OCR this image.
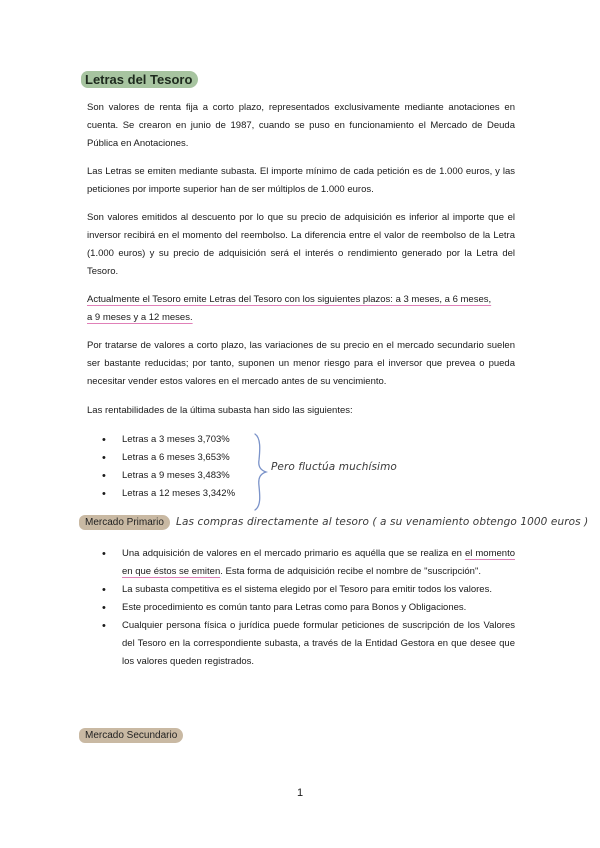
Letras del Tesoro

Son valores de renta fija a corto plazo, representados exclusivamente mediante anotaciones en cuenta. Se crearon en junio de 1987, cuando se puso en funcionamiento el Mercado de Deuda Pública en Anotaciones.

Las Letras se emiten mediante subasta. El importe mínimo de cada petición es de 1.000 euros, y las peticiones por importe superior han de ser múltiplos de 1.000 euros.

Son valores emitidos al descuento por lo que su precio de adquisición es inferior al importe que el inversor recibirá en el momento del reembolso. La diferencia entre el valor de reembolso de la Letra (1.000 euros) y su precio de adquisición será el interés o rendimiento generado por la Letra del Tesoro.

Actualmente el Tesoro emite Letras del Tesoro con los siguientes plazos: a 3 meses, a 6 meses,
a 9 meses y a 12 meses.

Por tratarse de valores a corto plazo, las variaciones de su precio en el mercado secundario suelen ser bastante reducidas; por tanto, suponen un menor riesgo para el inversor que prevea o pueda necesitar vender estos valores en el mercado antes de su vencimiento.

Las rentabilidades de la última subasta han sido las siguientes:

• Letras a 3 meses 3,703%
• Letras a 6 meses 3,653%
• Letras a 9 meses 3,483%
• Letras a 12 meses 3,342%
Pero fluctúa muchísimo
Mercado Primario	Las compras directamente al tesoro ( a su venamiento obtengo 1000 euros )
• Una adquisición de valores en el mercado primario es aquélla que se realiza en el momento en que éstos se emiten. Esta forma de adquisición recibe el nombre de "suscripción".
• La subasta competitiva es el sistema elegido por el Tesoro para emitir todos los valores.
• Este procedimiento es común tanto para Letras como para Bonos y Obligaciones.
• Cualquier persona física o jurídica puede formular peticiones de suscripción de los Valores del Tesoro en la correspondiente subasta, a través de la Entidad Gestora en que desee que los valores queden registrados.
Mercado Secundario
1
